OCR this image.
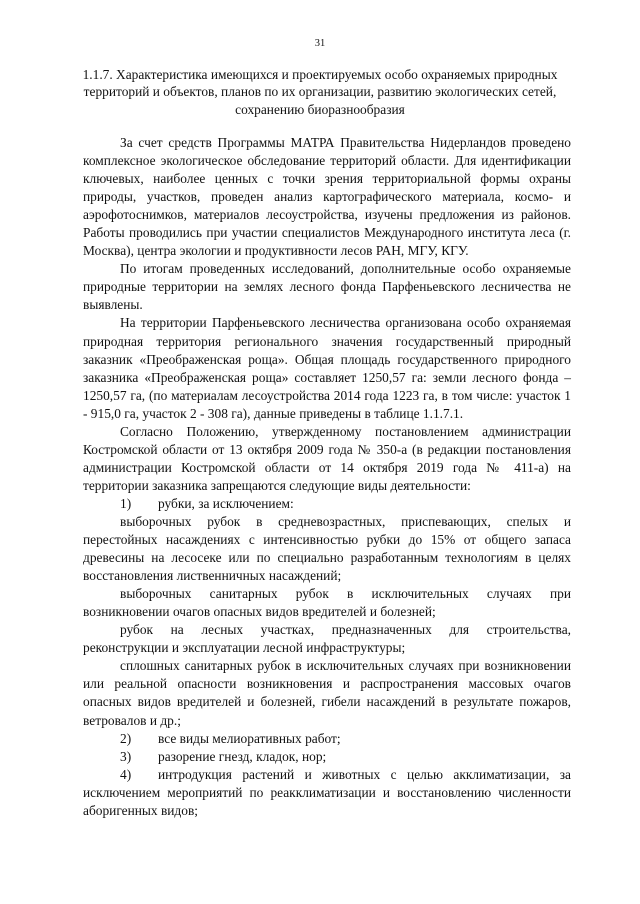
31
1.1.7. Характеристика имеющихся и проектируемых особо охраняемых природных территорий и объектов, планов по их организации, развитию экологических сетей, сохранению биоразнообразия

За счет средств Программы МАТРА Правительства Нидерландов проведено комплексное экологическое обследование территорий области. Для идентификации ключевых, наиболее ценных с точки зрения территориальной формы охраны природы, участков, проведен анализ картографического материала, космо- и аэрофотоснимков, материалов лесоустройства, изучены предложения из районов. Работы проводились при участии специалистов Международного института леса (г. Москва), центра экологии и продуктивности лесов РАН, МГУ, КГУ.

По итогам проведенных исследований, дополнительные особо охраняемые природные территории на землях лесного фонда Парфеньевского лесничества не выявлены.

На территории Парфеньевского лесничества организована особо охраняемая природная территория регионального значения государственный природный заказник «Преображенская роща». Общая площадь государственного природного заказника «Преображенская роща» составляет 1250,57 га: земли лесного фонда – 1250,57 га, (по материалам лесоустройства 2014 года 1223 га, в том числе: участок 1 - 915,0 га, участок 2 - 308 га), данные приведены в таблице 1.1.7.1.

Согласно Положению, утвержденному постановлением администрации Костромской области от 13 октября 2009 года № 350-а (в редакции постановления администрации Костромской области от 14 октября 2019 года № 411-а) на территории заказника запрещаются следующие виды деятельности:

1) рубки, за исключением:

выборочных рубок в средневозрастных, приспевающих, спелых и перестойных насаждениях с интенсивностью рубки до 15% от общего запаса древесины на лесосеке или по специально разработанным технологиям в целях восстановления лиственничных насаждений;

выборочных санитарных рубок в исключительных случаях при возникновении очагов опасных видов вредителей и болезней;

рубок на лесных участках, предназначенных для строительства, реконструкции и эксплуатации лесной инфраструктуры;

сплошных санитарных рубок в исключительных случаях при возникновении или реальной опасности возникновения и распространения массовых очагов опасных видов вредителей и болезней, гибели насаждений в результате пожаров, ветровалов и др.;

2) все виды мелиоративных работ;

3) разорение гнезд, кладок, нор;

4) интродукция растений и животных с целью акклиматизации, за исключением мероприятий по реакклиматизации и восстановлению численности аборигенных видов;
